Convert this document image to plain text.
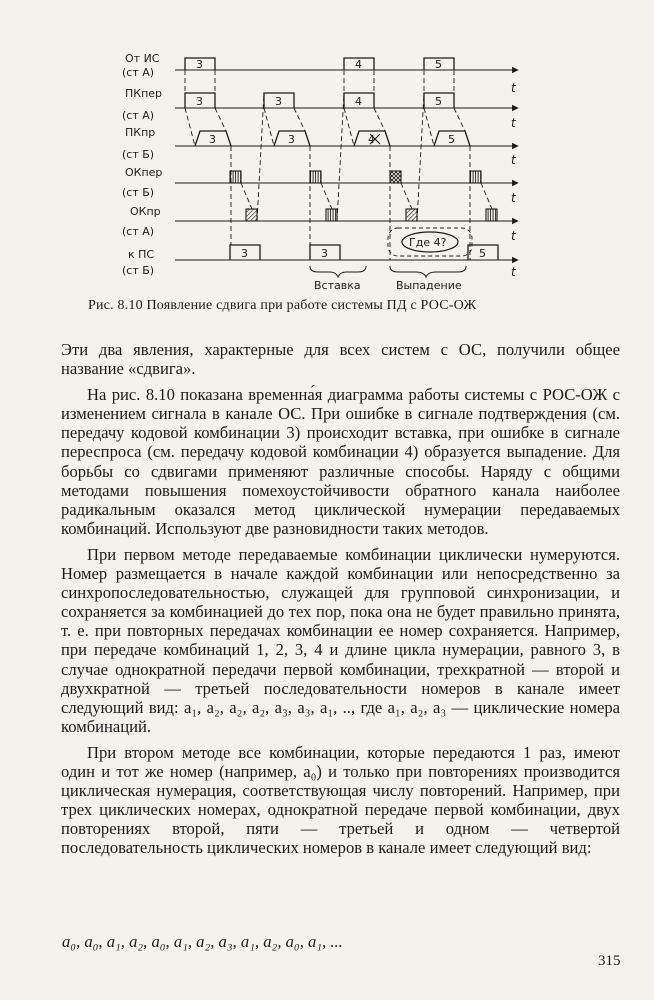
От ИС
(ст А)
ПКпер
(ст А)
ПКпр
(ст Б)
ОКпер
(ст Б)
ОКпр
(ст А)
к ПС
(ст Б)
t
t
t
t
t
t
3	4	5
3	3	4	5
3	3	4	5
3	3	5
Где 4?
Вставка	Выпадение
Рис. 8.10 Появление сдвига при работе системы ПД с РОС-ОЖ

Эти два явления, характерные для всех систем с ОС, получили общее название «сдвига».

На рис. 8.10 показана временна́я диаграмма работы системы с РОС-ОЖ с изменением сигнала в канале ОС. При ошибке в сигнале подтверждения (см. передачу кодовой комбинации 3) происходит вставка, при ошибке в сигнале переспроса (см. передачу кодовой комбинации 4) образуется выпадение. Для борьбы со сдвигами применяют различные способы. Наряду с общими методами повышения помехоустойчивости обратного канала наиболее радикальным оказался метод циклической нумерации передаваемых комбинаций. Используют две разновидности таких методов.

При первом методе передаваемые комбинации циклически нумеруются. Номер размещается в начале каждой комбинации или непосредственно за синхропоследовательностью, служащей для групповой синхронизации, и сохраняется за комбинацией до тех пор, пока она не будет правильно принята, т. е. при повторных передачах комбинации ее номер сохраняется. Например, при передаче комбинаций 1, 2, 3, 4 и длине цикла нумерации, равного 3, в случае однократной передачи первой комбинации, трехкратной — второй и двухкратной — третьей последовательности номеров в канале имеет следующий вид: a₁, a₂, a₂, a₂, a₃, a₃, a₁, .., где a₁, a₂, a₃ — циклические номера комбинаций.

При втором методе все комбинации, которые передаются 1 раз, имеют один и тот же номер (например, a₀) и только при повторениях производится циклическая нумерация, соответствующая числу повторений. Например, при трех циклических номерах, однократной передаче первой комбинации, двух повторениях второй, пяти — третьей и одном — четвертой последовательность циклических номеров в канале имеет следующий вид:

a₀, a₀, a₁, a₂, a₀, a₁, a₂, a₃, a₁, a₂, a₀, a₁, ...
315
